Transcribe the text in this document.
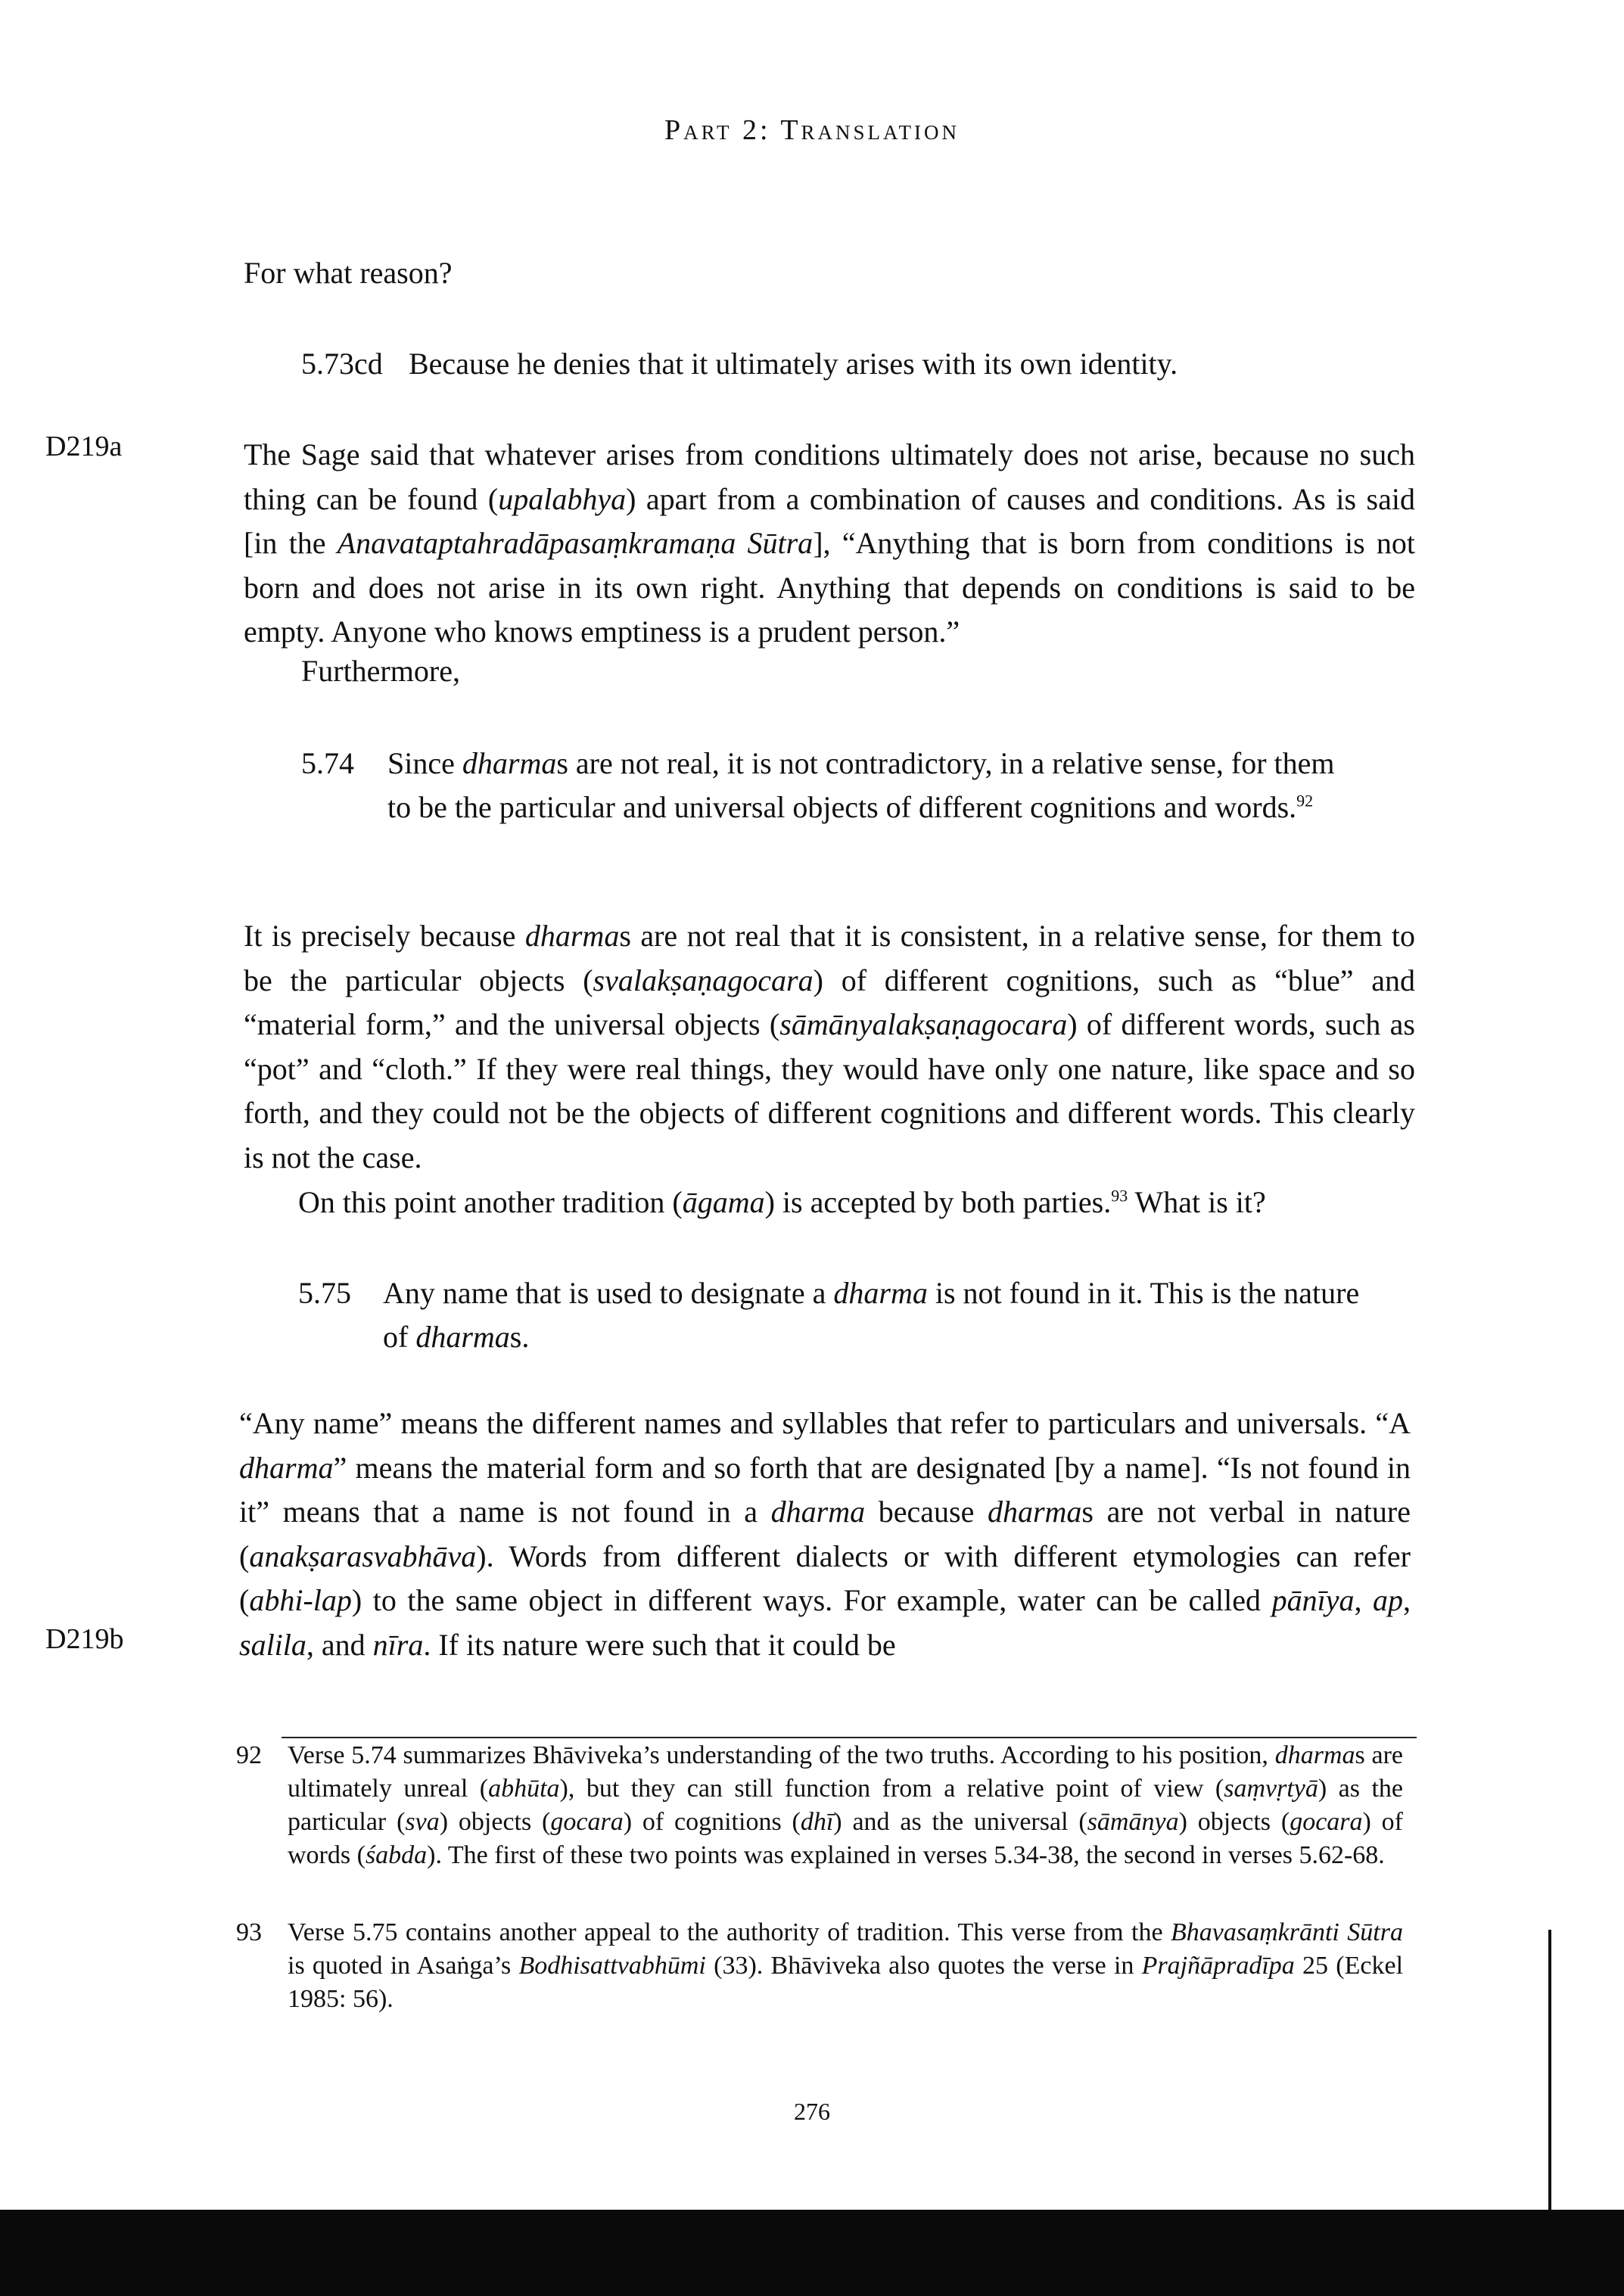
Part 2: Translation
For what reason?
5.73cd Because he denies that it ultimately arises with its own identity.
D219a	The Sage said that whatever arises from conditions ultimately does not arise, because no such thing can be found (upalabhya) apart from a combination of causes and conditions. As is said [in the Anavataptahradāpasaṃkramaṇa Sūtra], “Anything that is born from conditions is not born and does not arise in its own right. Anything that depends on conditions is said to be empty. Anyone who knows emptiness is a prudent person.”
Furthermore,
5.74 Since dharmas are not real, it is not contradictory, in a relative sense, for them to be the particular and universal objects of different cognitions and words.$^{92}$
It is precisely because dharmas are not real that it is consistent, in a relative sense, for them to be the particular objects (svalakṣaṇagocara) of different cognitions, such as “blue” and “material form,” and the universal objects (sāmānyalakṣaṇagocara) of different words, such as “pot” and “cloth.” If they were real things, they would have only one nature, like space and so forth, and they could not be the objects of different cognitions and different words. This clearly is not the case.
On this point another tradition (āgama) is accepted by both parties.$^{93}$ What is it?
5.75 Any name that is used to designate a dharma is not found in it. This is the nature of dharmas.
“Any name” means the different names and syllables that refer to particulars and universals. “A dharma” means the material form and so forth that are designated [by a name]. “Is not found in it” means that a name is not found in a dharma because dharmas are not verbal in nature (anakṣarasvabhāva). Words from different dialects or with different etymologies can refer (abhi-lap) to the same object in different ways. For example, water can be called pānīya, ap, salila, and nīra. If its nature were such that it could be
D219b
92 Verse 5.74 summarizes Bhāviveka’s understanding of the two truths. According to his position, dharmas are ultimately unreal (abhūta), but they can still function from a relative point of view (saṃvṛtyā) as the particular (sva) objects (gocara) of cognitions (dhī) and as the universal (sāmānya) objects (gocara) of words (śabda). The first of these two points was explained in verses 5.34-38, the second in verses 5.62-68.
93 Verse 5.75 contains another appeal to the authority of tradition. This verse from the Bhavasaṃkrānti Sūtra is quoted in Asaṅga’s Bodhisattvabhūmi (33). Bhāviveka also quotes the verse in Prajñāpradīpa 25 (Eckel 1985: 56).
276
